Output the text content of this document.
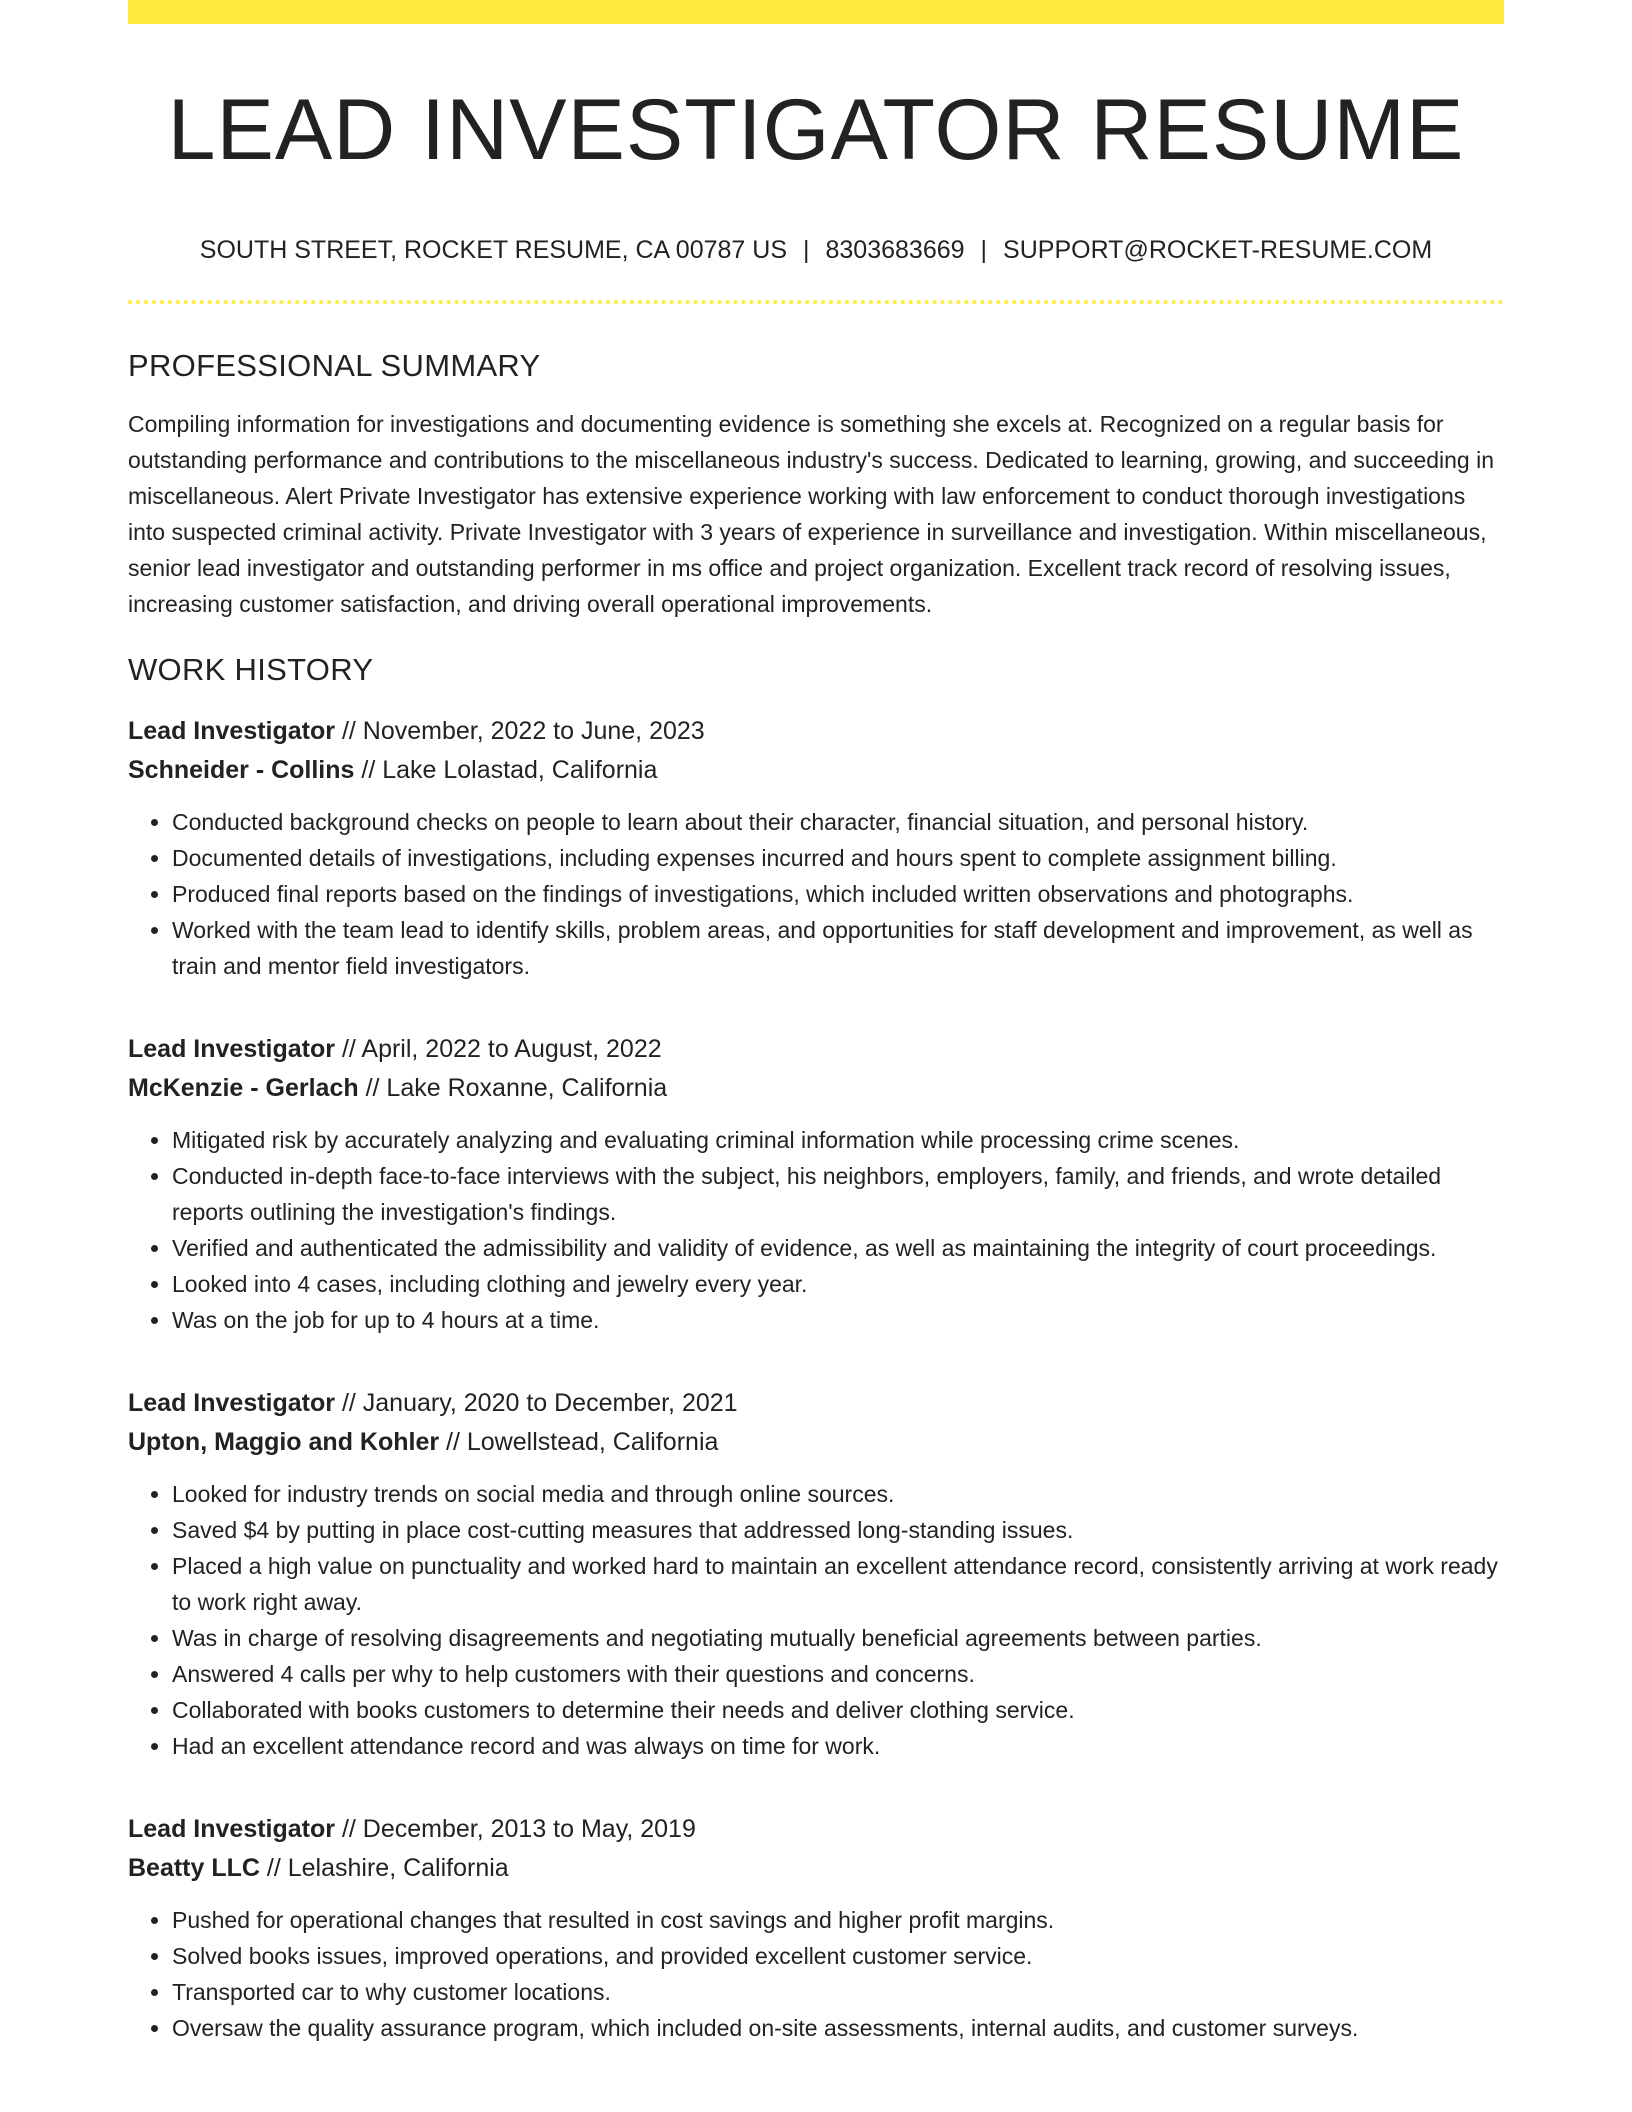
LEAD INVESTIGATOR RESUME
SOUTH STREET, ROCKET RESUME, CA 00787 US | 8303683669 | SUPPORT@ROCKET-RESUME.COM
PROFESSIONAL SUMMARY

Compiling information for investigations and documenting evidence is something she excels at. Recognized on a regular basis for outstanding performance and contributions to the miscellaneous industry's success. Dedicated to learning, growing, and succeeding in miscellaneous. Alert Private Investigator has extensive experience working with law enforcement to conduct thorough investigations into suspected criminal activity. Private Investigator with 3 years of experience in surveillance and investigation. Within miscellaneous, senior lead investigator and outstanding performer in ms office and project organization. Excellent track record of resolving issues, increasing customer satisfaction, and driving overall operational improvements.

WORK HISTORY
Lead Investigator // November, 2022 to June, 2023
Schneider - Collins // Lake Lolastad, California
• Conducted background checks on people to learn about their character, financial situation, and personal history.
• Documented details of investigations, including expenses incurred and hours spent to complete assignment billing.
• Produced final reports based on the findings of investigations, which included written observations and photographs.
• Worked with the team lead to identify skills, problem areas, and opportunities for staff development and improvement, as well as train and mentor field investigators.
Lead Investigator // April, 2022 to August, 2022
McKenzie - Gerlach // Lake Roxanne, California
• Mitigated risk by accurately analyzing and evaluating criminal information while processing crime scenes.
• Conducted in-depth face-to-face interviews with the subject, his neighbors, employers, family, and friends, and wrote detailed reports outlining the investigation's findings.
• Verified and authenticated the admissibility and validity of evidence, as well as maintaining the integrity of court proceedings.
• Looked into 4 cases, including clothing and jewelry every year.
• Was on the job for up to 4 hours at a time.
Lead Investigator // January, 2020 to December, 2021
Upton, Maggio and Kohler // Lowellstead, California
• Looked for industry trends on social media and through online sources.
• Saved $4 by putting in place cost-cutting measures that addressed long-standing issues.
• Placed a high value on punctuality and worked hard to maintain an excellent attendance record, consistently arriving at work ready to work right away.
• Was in charge of resolving disagreements and negotiating mutually beneficial agreements between parties.
• Answered 4 calls per why to help customers with their questions and concerns.
• Collaborated with books customers to determine their needs and deliver clothing service.
• Had an excellent attendance record and was always on time for work.
Lead Investigator // December, 2013 to May, 2019
Beatty LLC // Lelashire, California
• Pushed for operational changes that resulted in cost savings and higher profit margins.
• Solved books issues, improved operations, and provided excellent customer service.
• Transported car to why customer locations.
• Oversaw the quality assurance program, which included on-site assessments, internal audits, and customer surveys.
